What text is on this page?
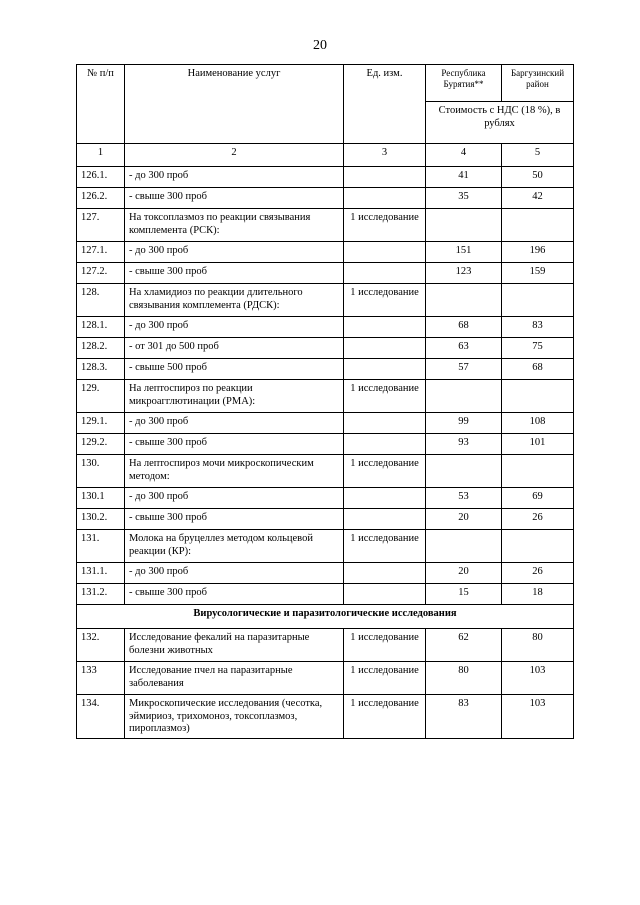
20
№ п/п	Наименование услуг	Ед. изм.	Республика Бурятия**	Баргузинский район
			Стоимость с НДС (18 %), в рублях	
1	2	3	4	5
126.1.	- до 300 проб		41	50
126.2.	- свыше 300 проб		35	42
127.	На токсоплазмоз по реакции связывания комплемента (РСК):	1 исследование		
127.1.	- до 300 проб		151	196
127.2.	- свыше 300 проб		123	159
128.	На хламидиоз по реакции длительного связывания комплемента (РДСК):	1 исследование		
128.1.	- до 300 проб		68	83
128.2.	- от 301 до 500 проб		63	75
128.3.	- свыше 500 проб		57	68
129.	На лептоспироз по реакции микроагглютинации (РМА):	1 исследование		
129.1.	- до 300 проб		99	108
129.2.	- свыше 300 проб		93	101
130.	На лептоспироз мочи микроскопическим методом:	1 исследование		
130.1	- до 300 проб		53	69
130.2.	- свыше 300 проб		20	26
131.	Молока на бруцеллез методом кольцевой реакции (КР):	1 исследование		
131.1.	- до 300 проб		20	26
131.2.	- свыше 300 проб		15	18
Вирусологические и паразитологические исследования				
132.	Исследование фекалий на паразитарные болезни животных	1 исследование	62	80
133	Исследование пчел на паразитарные заболевания	1 исследование	80	103
134.	Микроскопические исследования (чесотка, эймириоз, трихомоноз, токсоплазмоз, пироплазмоз)	1 исследование	83	103
